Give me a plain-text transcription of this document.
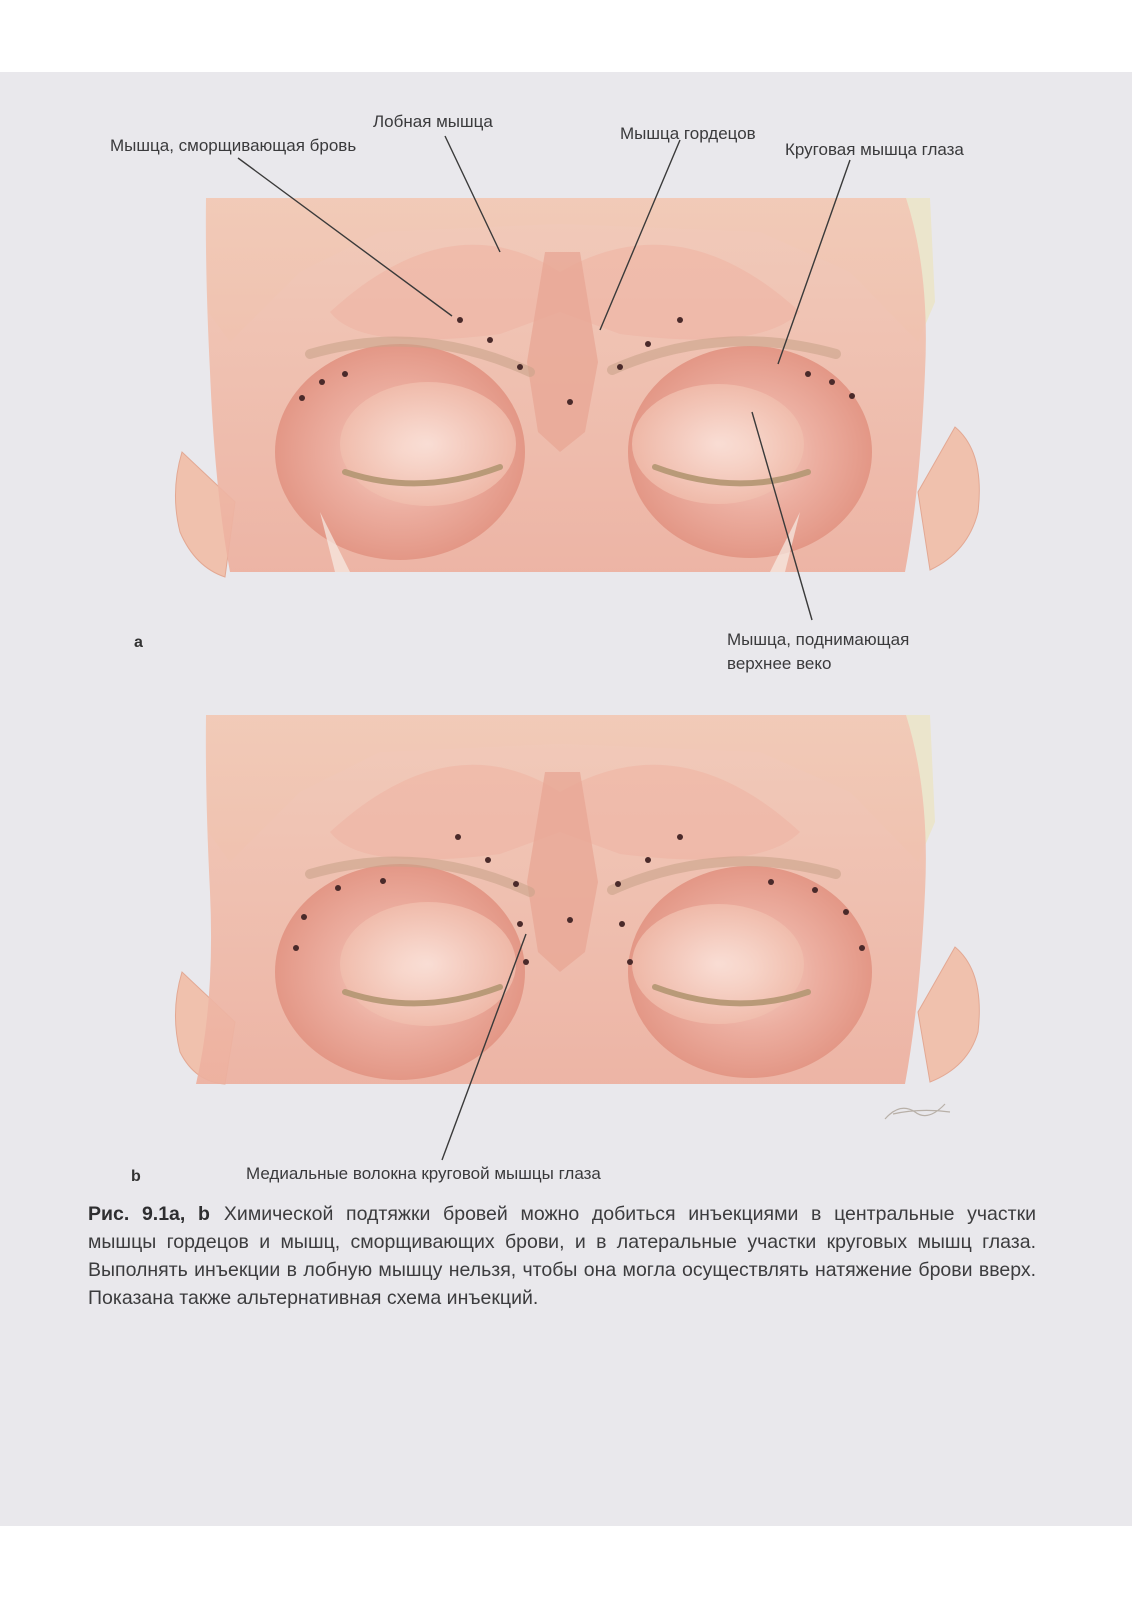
Лобная мышца
Мышца, сморщивающая бровь
Мышца гордецов
Круговая мышца глаза
Мышца, поднимающая
верхнее веко
a
b	Медиальные волокна круговой мышцы глаза
Рис. 9.1a, b Химической подтяжки бровей можно добиться инъекциями в центральные участки мышцы гордецов и мышц, сморщивающих брови, и в латеральные участки круговых мышц глаза. Выполнять инъекции в лобную мышцу нельзя, чтобы она могла осуществлять натяжение брови вверх. Показана также альтернативная схема инъекций.
